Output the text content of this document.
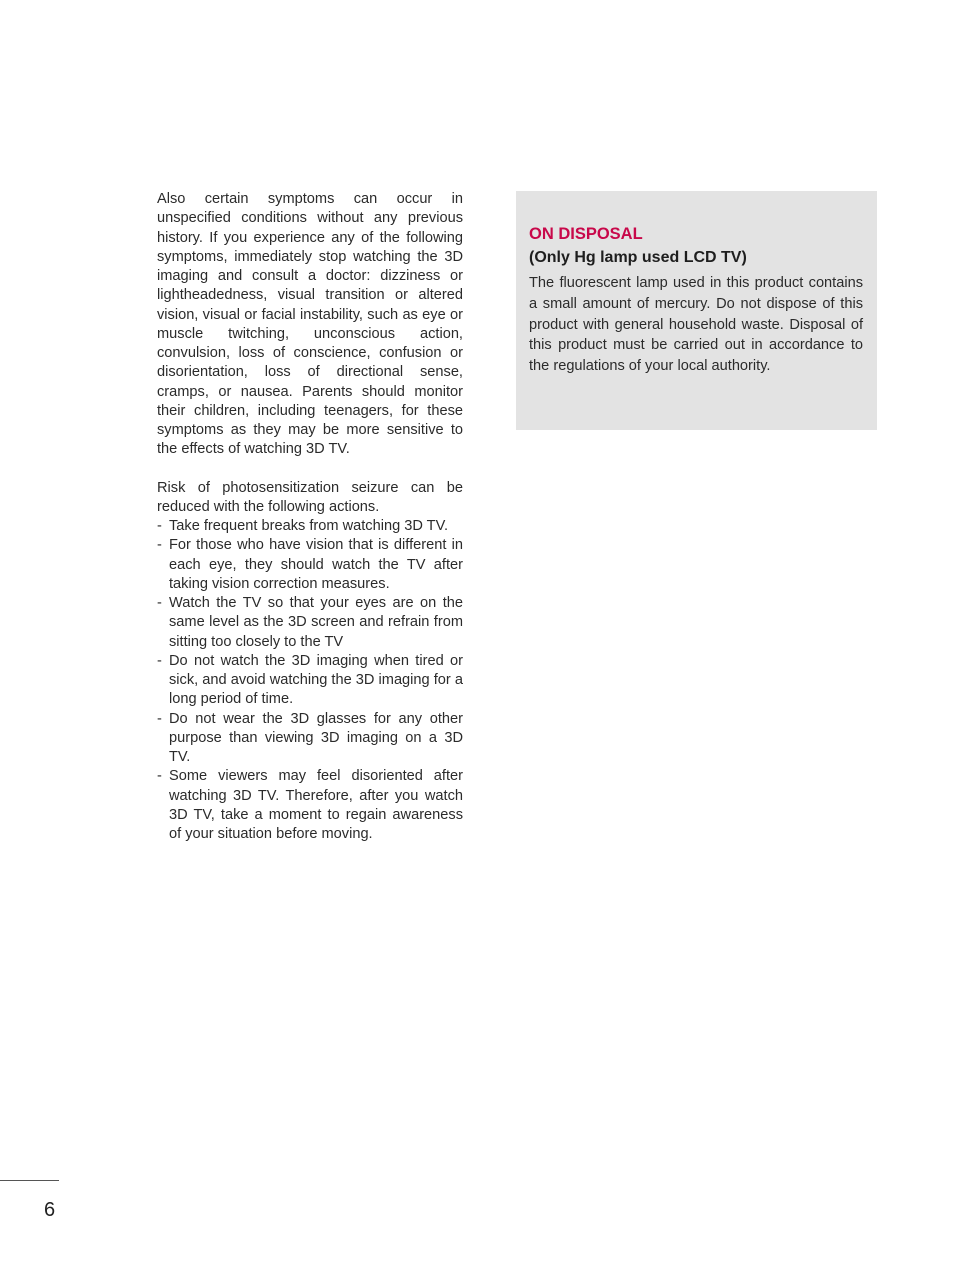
Also certain symptoms can occur in unspecified conditions without any previous history. If you experience any of the following symptoms, immediately stop watching the 3D imaging and consult a doctor: dizziness or lightheadedness, visual transition or altered vision, visual or facial instability, such as eye or muscle twitching, unconscious action, convulsion, loss of conscience, confusion or disorientation, loss of directional sense, cramps, or nausea. Parents should monitor their children, including teenagers, for these symptoms as they may be more sensitive to the effects of watching 3D TV.

Risk of photosensitization seizure can be reduced with the following actions.

- Take frequent breaks from watching 3D TV.
- For those who have vision that is different in each eye, they should watch the TV after taking vision correction measures.
- Watch the TV so that your eyes are on the same level as the 3D screen and refrain from sitting too closely to the TV
- Do not watch the 3D imaging when tired or sick, and avoid watching the 3D imaging for a long period of time.
- Do not wear the 3D glasses for any other purpose than viewing 3D imaging on a 3D TV.
- Some viewers may feel disoriented after watching 3D TV. Therefore, after you watch 3D TV, take a moment to regain awareness of your situation before moving.

ON DISPOSAL

(Only Hg lamp used LCD TV)

The fluorescent lamp used in this product contains a small amount of mercury. Do not dispose of this product with general household waste. Disposal of this product must be carried out in accordance to the regulations of your local authority.

6
